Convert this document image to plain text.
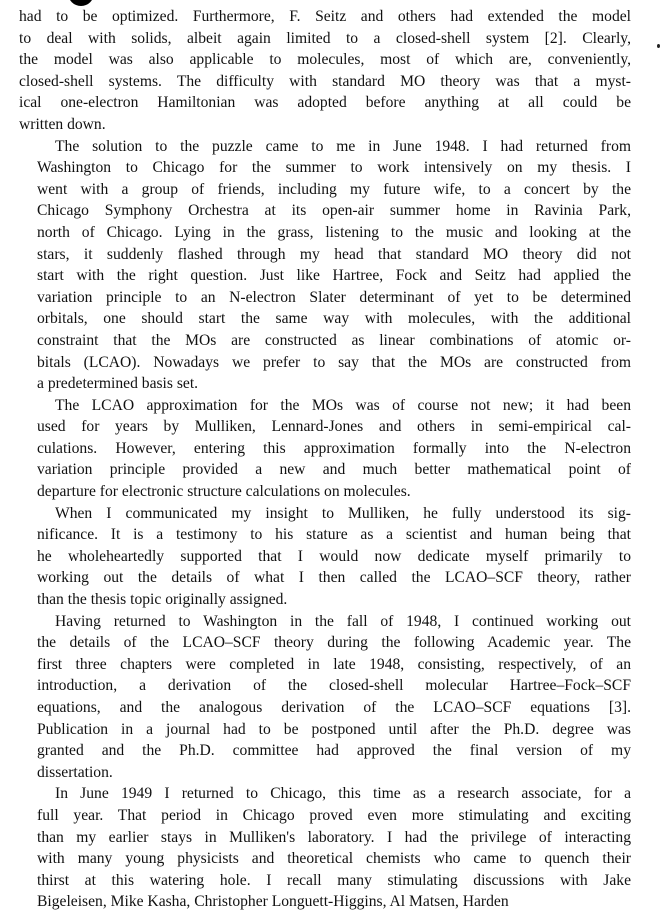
had to be optimized. Furthermore, F. Seitz and others had extended the model
to deal with solids, albeit again limited to a closed-shell system [2]. Clearly,
the model was also applicable to molecules, most of which are, conveniently,
closed-shell systems. The difficulty with standard MO theory was that a myst-
ical one-electron Hamiltonian was adopted before anything at all could be
written down.
The solution to the puzzle came to me in June 1948. I had returned from
Washington to Chicago for the summer to work intensively on my thesis. I
went with a group of friends, including my future wife, to a concert by the
Chicago Symphony Orchestra at its open-air summer home in Ravinia Park,
north of Chicago. Lying in the grass, listening to the music and looking at the
stars, it suddenly flashed through my head that standard MO theory did not
start with the right question. Just like Hartree, Fock and Seitz had applied the
variation principle to an N-electron Slater determinant of yet to be determined
orbitals, one should start the same way with molecules, with the additional
constraint that the MOs are constructed as linear combinations of atomic or-
bitals (LCAO). Nowadays we prefer to say that the MOs are constructed from
a predetermined basis set.
The LCAO approximation for the MOs was of course not new; it had been
used for years by Mulliken, Lennard-Jones and others in semi-empirical cal-
culations. However, entering this approximation formally into the N-electron
variation principle provided a new and much better mathematical point of
departure for electronic structure calculations on molecules.
When I communicated my insight to Mulliken, he fully understood its sig-
nificance. It is a testimony to his stature as a scientist and human being that
he wholeheartedly supported that I would now dedicate myself primarily to
working out the details of what I then called the LCAO–SCF theory, rather
than the thesis topic originally assigned.
Having returned to Washington in the fall of 1948, I continued working out
the details of the LCAO–SCF theory during the following Academic year. The
first three chapters were completed in late 1948, consisting, respectively, of an
introduction, a derivation of the closed-shell molecular Hartree–Fock–SCF
equations, and the analogous derivation of the LCAO–SCF equations [3].
Publication in a journal had to be postponed until after the Ph.D. degree was
granted and the Ph.D. committee had approved the final version of my
dissertation.
In June 1949 I returned to Chicago, this time as a research associate, for a
full year. That period in Chicago proved even more stimulating and exciting
than my earlier stays in Mulliken's laboratory. I had the privilege of interacting
with many young physicists and theoretical chemists who came to quench their
thirst at this watering hole. I recall many stimulating discussions with Jake
Bigeleisen, Mike Kasha, Christopher Longuett-Higgins, Al Matsen, Harden
